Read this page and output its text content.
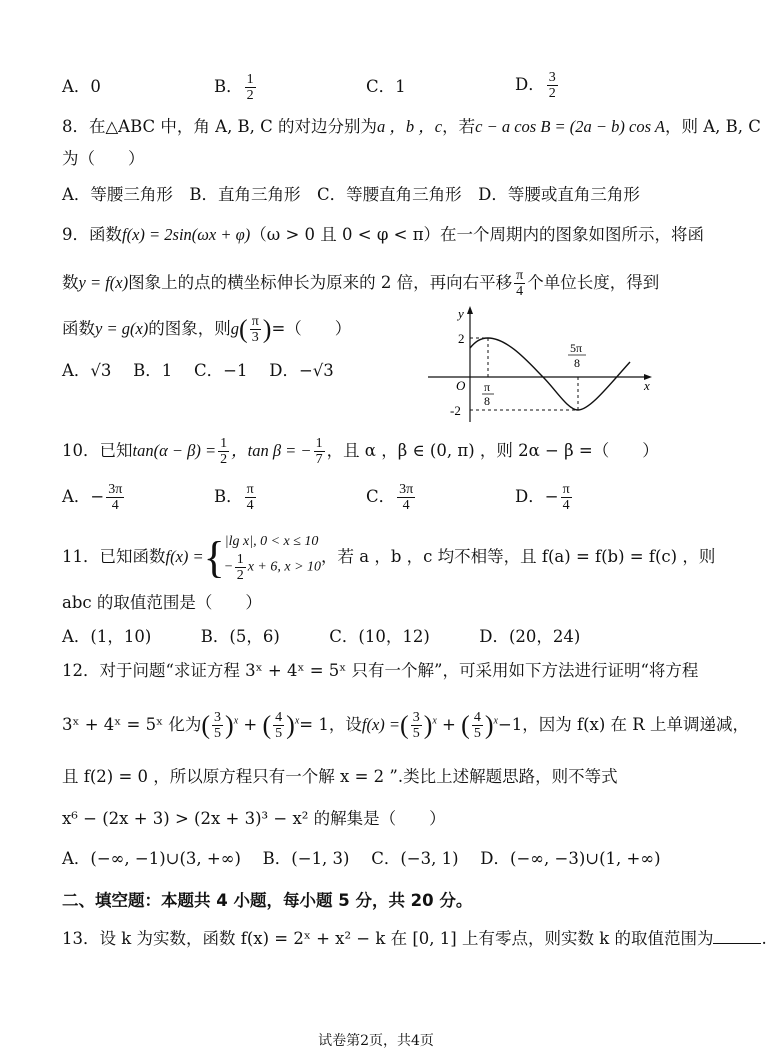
A．0	B． $\frac{1}{2}$	C．1	D． $\frac{3}{2}$
8．在△ABC 中，角 A, B, C 的对边分别为a ，b ，c，若c − a cos B = (2a − b) cos A，则 A, B, C
为（　　）
A．等腰三角形　B．直角三角形　C．等腰直角三角形　D．等腰或直角三角形
9．函数f(x) = 2sin(ωx + φ)（ω > 0 且 0 < φ < π）在一个周期内的图象如图所示，将函
数y = f(x)图象上的点的横坐标伸长为原来的 2 倍，再向右平移 $\frac{\pi}{4}$ 个单位长度，得到
函数y = g(x)的图象，则$g( \frac{\pi}{3}$ )=（　　）
A．√3　 B．1　 C．−1　 D．−√3
y
x
O
2
-2
π
8
5π
8
10．已知$\tan(\alpha - \beta) = \frac{1}{2}$ ，tan β = − $\frac{1}{7}$ ，且 α ，β ∈ (0, π) ，则 2α − β =（　　）
A．− $\frac{3\pi}{4}$	B． $\frac{\pi}{4}$	C． $\frac{3\pi}{4}$	D．− $\frac{\pi}{4}$
11．已知函数f(x) ={ |lg x|, 0 < x ≤ 10
− $\frac{1}{2}$ x + 6, x > 10
，若 a ，b ，c 均不相等，且 f(a) = f(b) = f(c) ，则
abc 的取值范围是（　　）
A．(1，10)　　　B．(5，6)　　　C．(10，12)　　　D．(20，24)
12．对于问题“求证方程 3ˣ + 4ˣ = 5ˣ 只有一个解”，可采用如下方法进行证明“将方程
3ˣ + 4ˣ = 5ˣ 化为( $\frac{3}{5} )^x$ + ( $\frac{4}{5} )^x= 1$，设f(x) =( $\frac{3}{5} )^x$ + ( $\frac{4}{5} )^x-1$，因为 f(x) 在 R 上单调递减，
且 f(2) = 0 ，所以原方程只有一个解 x = 2 ”.类比上述解题思路，则不等式
x⁶ − (2x + 3) > (2x + 3)³ − x² 的解集是（　　）
A．(−∞, −1)∪(3, +∞)　 B．(−1, 3)　 C．(−3, 1)　 D．(−∞, −3)∪(1, +∞)
二、填空题：本题共 4 小题，每小题 5 分，共 20 分。
13．设 k 为实数，函数 f(x) = 2ˣ + x² − k 在 [0, 1] 上有零点，则实数 k 的取值范围为	.
试卷第2页，共4页
